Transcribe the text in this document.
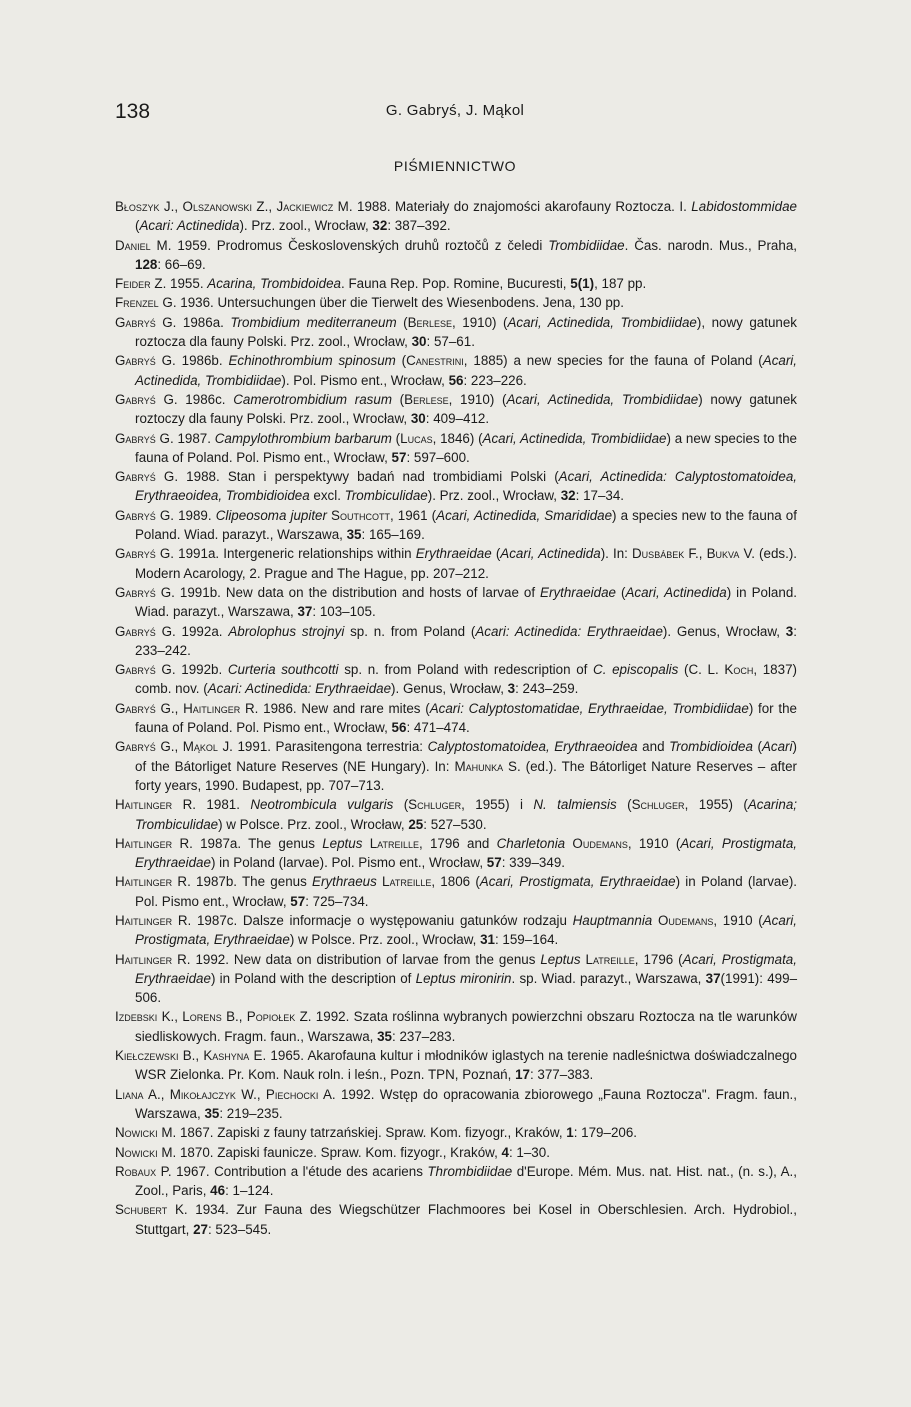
138	G. Gabryś, J. Mąkol
PIŚMIENNICTWO

Błoszyk J., Olszanowski Z., Jackiewicz M. 1988. Materiały do znajomości akarofauny Roztocza. I. Labidostommidae (Acari: Actinedida). Prz. zool., Wrocław, 32: 387–392.

Daniel M. 1959. Prodromus Československých druhů roztočů z čeledi Trombidiidae. Čas. narodn. Mus., Praha, 128: 66–69.

Feider Z. 1955. Acarina, Trombidoidea. Fauna Rep. Pop. Romine, Bucuresti, 5(1), 187 pp.

Frenzel G. 1936. Untersuchungen über die Tierwelt des Wiesenbodens. Jena, 130 pp.

Gabryś G. 1986a. Trombidium mediterraneum (Berlese, 1910) (Acari, Actinedida, Trombidiidae), nowy gatunek roztocza dla fauny Polski. Prz. zool., Wrocław, 30: 57–61.

Gabryś G. 1986b. Echinothrombium spinosum (Canestrini, 1885) a new species for the fauna of Poland (Acari, Actinedida, Trombidiidae). Pol. Pismo ent., Wrocław, 56: 223–226.

Gabryś G. 1986c. Camerotrombidium rasum (Berlese, 1910) (Acari, Actinedida, Trombidiidae) nowy gatunek roztoczy dla fauny Polski. Prz. zool., Wrocław, 30: 409–412.

Gabryś G. 1987. Campylothrombium barbarum (Lucas, 1846) (Acari, Actinedida, Trombidiidae) a new species to the fauna of Poland. Pol. Pismo ent., Wrocław, 57: 597–600.

Gabryś G. 1988. Stan i perspektywy badań nad trombidiami Polski (Acari, Actinedida: Calyptostomatoidea, Erythraeoidea, Trombidioidea excl. Trombiculidae). Prz. zool., Wrocław, 32: 17–34.

Gabryś G. 1989. Clipeosoma jupiter Southcott, 1961 (Acari, Actinedida, Smarididae) a species new to the fauna of Poland. Wiad. parazyt., Warszawa, 35: 165–169.

Gabryś G. 1991a. Intergeneric relationships within Erythraeidae (Acari, Actinedida). In: Dusbábek F., Bukva V. (eds.). Modern Acarology, 2. Prague and The Hague, pp. 207–212.

Gabryś G. 1991b. New data on the distribution and hosts of larvae of Erythraeidae (Acari, Actinedida) in Poland. Wiad. parazyt., Warszawa, 37: 103–105.

Gabryś G. 1992a. Abrolophus strojnyi sp. n. from Poland (Acari: Actinedida: Erythraeidae). Genus, Wrocław, 3: 233–242.

Gabryś G. 1992b. Curteria southcotti sp. n. from Poland with redescription of C. episcopalis (C. L. Koch, 1837) comb. nov. (Acari: Actinedida: Erythraeidae). Genus, Wrocław, 3: 243–259.

Gabryś G., Haitlinger R. 1986. New and rare mites (Acari: Calyptostomatidae, Erythraeidae, Trombidiidae) for the fauna of Poland. Pol. Pismo ent., Wrocław, 56: 471–474.

Gabryś G., Mąkol J. 1991. Parasitengona terrestria: Calyptostomatoidea, Erythraeoidea and Trombidioidea (Acari) of the Bátorliget Nature Reserves (NE Hungary). In: Mahunka S. (ed.). The Bátorliget Nature Reserves – after forty years, 1990. Budapest, pp. 707–713.

Haitlinger R. 1981. Neotrombicula vulgaris (Schluger, 1955) i N. talmiensis (Schluger, 1955) (Acarina; Trombiculidae) w Polsce. Prz. zool., Wrocław, 25: 527–530.

Haitlinger R. 1987a. The genus Leptus Latreille, 1796 and Charletonia Oudemans, 1910 (Acari, Prostigmata, Erythraeidae) in Poland (larvae). Pol. Pismo ent., Wrocław, 57: 339–349.

Haitlinger R. 1987b. The genus Erythraeus Latreille, 1806 (Acari, Prostigmata, Erythraeidae) in Poland (larvae). Pol. Pismo ent., Wrocław, 57: 725–734.

Haitlinger R. 1987c. Dalsze informacje o występowaniu gatunków rodzaju Hauptmannia Oudemans, 1910 (Acari, Prostigmata, Erythraeidae) w Polsce. Prz. zool., Wrocław, 31: 159–164.

Haitlinger R. 1992. New data on distribution of larvae from the genus Leptus Latreille, 1796 (Acari, Prostigmata, Erythraeidae) in Poland with the description of Leptus mironirin. sp. Wiad. parazyt., Warszawa, 37(1991): 499–506.

Izdebski K., Lorens B., Popiołek Z. 1992. Szata roślinna wybranych powierzchni obszaru Roztocza na tle warunków siedliskowych. Fragm. faun., Warszawa, 35: 237–283.

Kiełczewski B., Kashyna E. 1965. Akarofauna kultur i młodników iglastych na terenie nadleśnictwa doświadczalnego WSR Zielonka. Pr. Kom. Nauk roln. i leśn., Pozn. TPN, Poznań, 17: 377–383.

Liana A., Mikołajczyk W., Piechocki A. 1992. Wstęp do opracowania zbiorowego „Fauna Roztocza". Fragm. faun., Warszawa, 35: 219–235.

Nowicki M. 1867. Zapiski z fauny tatrzańskiej. Spraw. Kom. fizyogr., Kraków, 1: 179–206.

Nowicki M. 1870. Zapiski faunicze. Spraw. Kom. fizyogr., Kraków, 4: 1–30.

Robaux P. 1967. Contribution a l'étude des acariens Thrombidiidae d'Europe. Mém. Mus. nat. Hist. nat., (n. s.), A., Zool., Paris, 46: 1–124.

Schubert K. 1934. Zur Fauna des Wiegschützer Flachmoores bei Kosel in Oberschlesien. Arch. Hydrobiol., Stuttgart, 27: 523–545.
